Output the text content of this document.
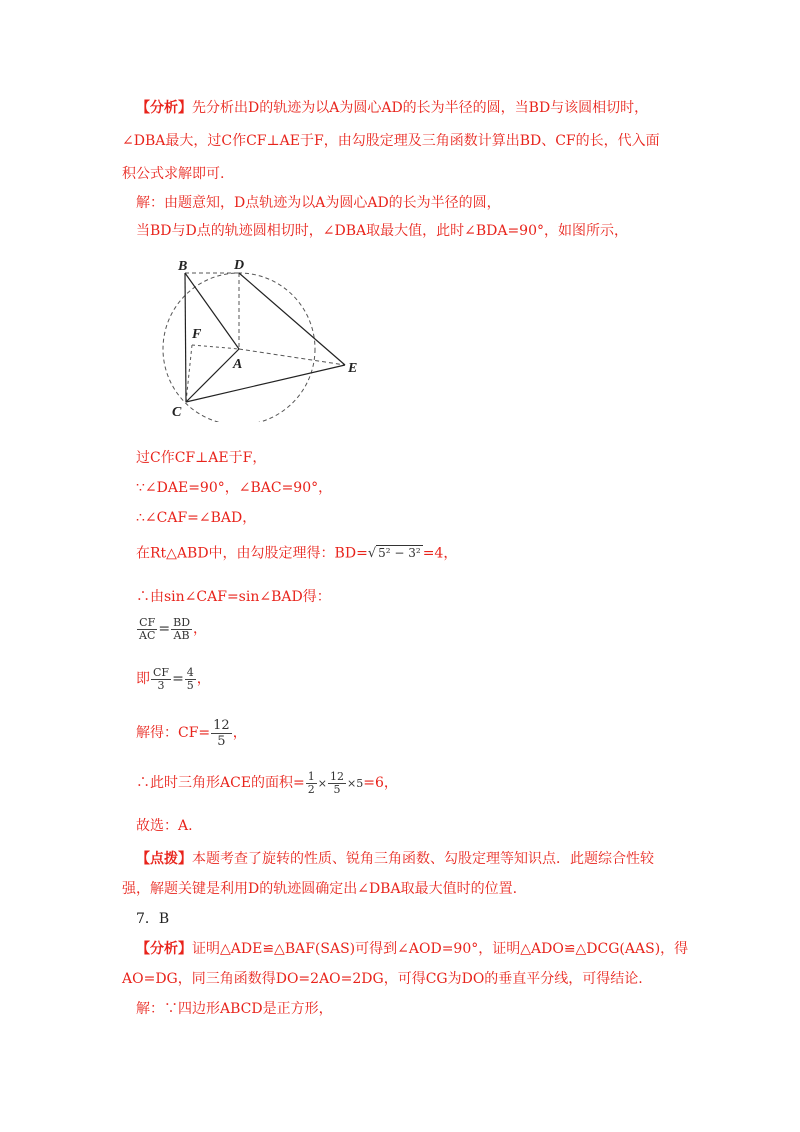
【分析】先分析出D的轨迹为以A为圆心AD的长为半径的圆，当BD与该圆相切时，
∠DBA最大，过C作CF⊥AE于F，由勾股定理及三角函数计算出BD、CF的长，代入面
积公式求解即可.
解：由题意知，D点轨迹为以A为圆心AD的长为半径的圆，
当BD与D点的轨迹圆相切时，∠DBA取最大值，此时∠BDA=90°，如图所示，
B	D
F
A	E
C
过C作CF⊥AE于F，
∵∠DAE=90°，∠BAC=90°，
∴∠CAF=∠BAD，
在Rt△ABD中，由勾股定理得：BD=√ 5² − 3² =4，
∴由sin∠CAF=sin∠BAD得：
$\frac{CF}{AC} = \frac{BD}{AB}$ ，
即 $\frac{CF}{3} = \frac{4}{5}$ ，
解得：$CF= \frac{12}{5}$ ，
∴此时三角形ACE的面积= $\frac{1}{2} \times \frac{12}{5} \times 5=6$，
故选：A.
【点拨】本题考查了旋转的性质、锐角三角函数、勾股定理等知识点．此题综合性较
强，解题关键是利用D的轨迹圆确定出∠DBA取最大值时的位置.
7．B
【分析】证明△ADE≌△BAF(SAS)可得到∠AOD=90°，证明△ADO≌△DCG(AAS)，得
AO=DG，同三角函数得DO=2AO=2DG，可得CG为DO的垂直平分线，可得结论.
解：∵四边形ABCD是正方形，
